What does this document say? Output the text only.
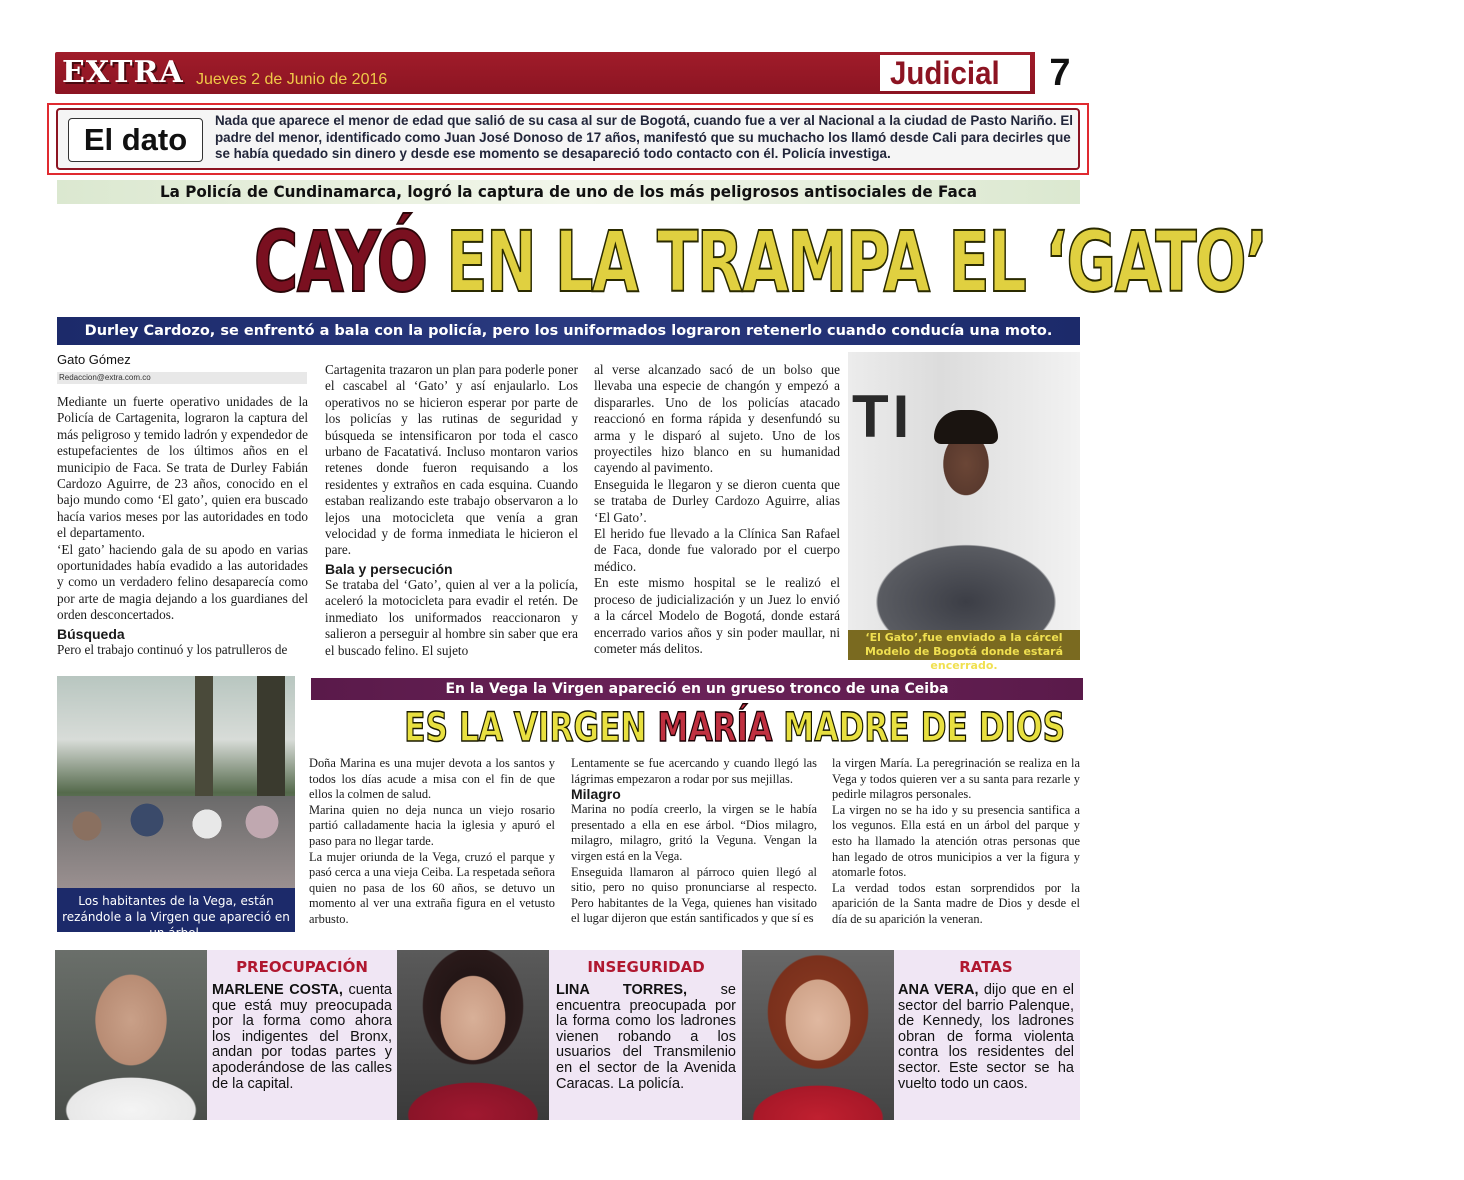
EXTRA Jueves 2 de Junio de 2016	Judicial	7
El dato
Nada que aparece el menor de edad que salió de su casa al sur de Bogotá, cuando fue a ver al Nacional a la ciudad de Pasto Nariño. El padre del menor, identificado como Juan José Donoso de 17 años, manifestó que su muchacho los llamó desde Cali para decirles que se había quedado sin dinero y desde ese momento se desapareció todo contacto con él. Policía investiga.
La Policía de Cundinamarca, logró la captura de uno de los más peligrosos antisociales de Faca
CAYÓ EN LA TRAMPA EL ‘GATO’
Durley Cardozo, se enfrentó a bala con la policía, pero los uniformados lograron retenerlo cuando conducía una moto.
Gato Gómez
Redaccion@extra.com.co

Mediante un fuerte operativo unidades de la Policía de Cartagenita, lograron la captura del más peligroso y temido ladrón y expendedor de estupefacientes de los últimos años en el municipio de Faca. Se trata de Durley Fabián Cardozo Aguirre, de 23 años, conocido en el bajo mundo como ‘El gato’, quien era buscado hacía varios meses por las autoridades en todo el departamento.

‘El gato’ haciendo gala de su apodo en varias oportunidades había evadido a las autoridades y como un verdadero felino desaparecía como por arte de magia dejando a los guardianes del orden desconcertados.

Búsqueda

Pero el trabajo continuó y los patrulleros de

Cartagenita trazaron un plan para poderle poner el cascabel al ‘Gato’ y así enjaularlo. Los operativos no se hicieron esperar por parte de los policías y las rutinas de seguridad y búsqueda se intensificaron por toda el casco urbano de Facatativá. Incluso montaron varios retenes donde fueron requisando a los residentes y extraños en cada esquina. Cuando estaban realizando este trabajo observaron a lo lejos una motocicleta que venía a gran velocidad y de forma inmediata le hicieron el pare.

Bala y persecución

Se trataba del ‘Gato’, quien al ver a la policía, aceleró la motocicleta para evadir el retén. De inmediato los uniformados reaccionaron y salieron a perseguir al hombre sin saber que era el buscado felino. El sujeto

al verse alcanzado sacó de un bolso que llevaba una especie de changón y empezó a dispararles. Uno de los policías atacado reaccionó en forma rápida y desenfundó su arma y le disparó al sujeto. Uno de los proyectiles hizo blanco en su humanidad cayendo al pavimento.

Enseguida le llegaron y se dieron cuenta que se trataba de Durley Cardozo Aguirre, alias ‘El Gato’.

El herido fue llevado a la Clínica San Rafael de Faca, donde fue valorado por el cuerpo médico.

En este mismo hospital se le realizó el proceso de judicialización y un Juez lo envió a la cárcel Modelo de Bogotá, donde estará encerrado varios años y sin poder maullar, ni cometer más delitos.

TI
‘El Gato’,fue enviado a la cárcel Modelo de Bogotá donde estará encerrado.
Los habitantes de la Vega, están rezándole a la Virgen que apareció en un árbol.
En la Vega la Virgen apareció en un grueso tronco de una Ceiba
ES LA VIRGEN MARÍA MADRE DE DIOS

Doña Marina es una mujer devota a los santos y todos los días acude a misa con el fin de que ellos la colmen de salud.

Marina quien no deja nunca un viejo rosario partió calladamente hacia la iglesia y apuró el paso para no llegar tarde.

La mujer oriunda de la Vega, cruzó el parque y pasó cerca a una vieja Ceiba. La respetada señora quien no pasa de los 60 años, se detuvo un momento al ver una extraña figura en el vetusto arbusto.

Lentamente se fue acercando y cuando llegó las lágrimas empezaron a rodar por sus mejillas.

Milagro

Marina no podía creerlo, la virgen se le había presentado a ella en ese árbol. “Dios milagro, milagro, milagro, gritó la Veguna. Vengan la virgen está en la Vega.

Enseguida llamaron al párroco quien llegó al sitio, pero no quiso pronunciarse al respecto. Pero habitantes de la Vega, quienes han visitado el lugar dijeron que están santificados y que sí es

la virgen María. La peregrinación se realiza en la Vega y todos quieren ver a su santa para rezarle y pedirle milagros personales.

La virgen no se ha ido y su presencia santifica a los vegunos. Ella está en un árbol del parque y esto ha llamado la atención otras personas que han legado de otros municipios a ver la figura y atomarle fotos.

La verdad todos estan sorprendidos por la aparición de la Santa madre de Dios y desde el día de su aparición la veneran.

PREOCUPACIÓN
MARLENE COSTA, cuenta que está muy preocupada por la forma como ahora los indigentes del Bronx, andan por todas partes y apoderándose de las calles de la capital.
INSEGURIDAD
LINA TORRES, se encuentra preocupada por la forma como los ladrones vienen robando a los usuarios del Transmilenio en el sector de la Avenida Caracas. La policía.
RATAS
ANA VERA, dijo que en el sector del barrio Palenque, de Kennedy, los ladrones obran de forma violenta contra los residentes del sector. Este sector se ha vuelto todo un caos.
